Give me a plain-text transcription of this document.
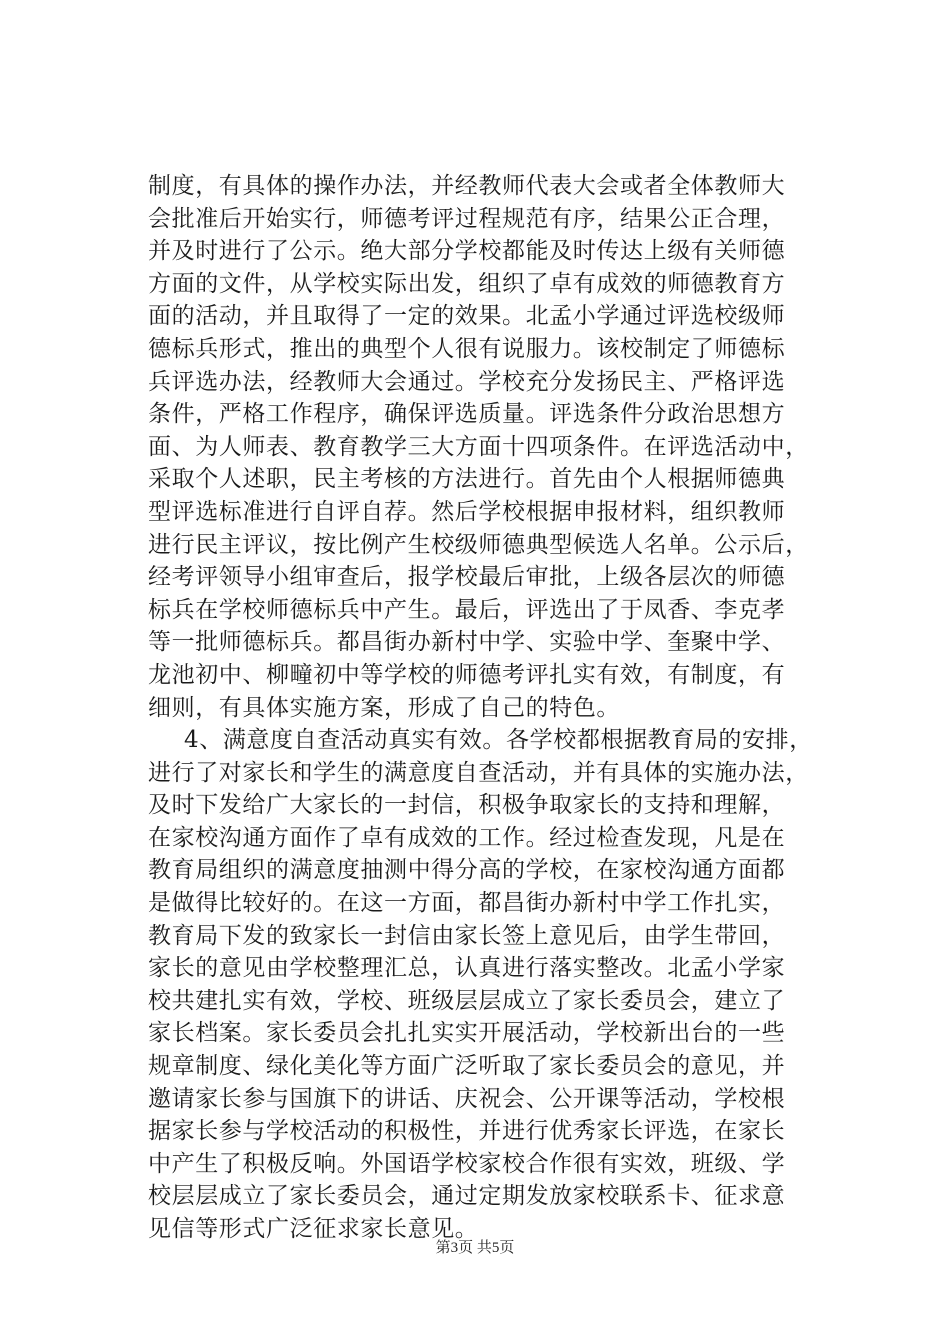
制度，有具体的操作办法，并经教师代表大会或者全体教师大
会批准后开始实行，师德考评过程规范有序，结果公正合理，
并及时进行了公示。绝大部分学校都能及时传达上级有关师德
方面的文件，从学校实际出发，组织了卓有成效的师德教育方
面的活动，并且取得了一定的效果。北孟小学通过评选校级师
德标兵形式，推出的典型个人很有说服力。该校制定了师德标
兵评选办法，经教师大会通过。学校充分发扬民主、严格评选
条件，严格工作程序，确保评选质量。评选条件分政治思想方
面、为人师表、教育教学三大方面十四项条件。在评选活动中，
采取个人述职，民主考核的方法进行。首先由个人根据师德典
型评选标准进行自评自荐。然后学校根据申报材料，组织教师
进行民主评议，按比例产生校级师德典型候选人名单。公示后，
经考评领导小组审查后，报学校最后审批，上级各层次的师德
标兵在学校师德标兵中产生。最后，评选出了于凤香、李克孝
等一批师德标兵。都昌街办新村中学、实验中学、奎聚中学、
龙池初中、柳疃初中等学校的师德考评扎实有效，有制度，有
细则，有具体实施方案，形成了自己的特色。
4、满意度自查活动真实有效。各学校都根据教育局的安排，
进行了对家长和学生的满意度自查活动，并有具体的实施办法，
及时下发给广大家长的一封信，积极争取家长的支持和理解，
在家校沟通方面作了卓有成效的工作。经过检查发现，凡是在
教育局组织的满意度抽测中得分高的学校，在家校沟通方面都
是做得比较好的。在这一方面，都昌街办新村中学工作扎实，
教育局下发的致家长一封信由家长签上意见后，由学生带回，
家长的意见由学校整理汇总，认真进行落实整改。北孟小学家
校共建扎实有效，学校、班级层层成立了家长委员会，建立了
家长档案。家长委员会扎扎实实开展活动，学校新出台的一些
规章制度、绿化美化等方面广泛听取了家长委员会的意见，并
邀请家长参与国旗下的讲话、庆祝会、公开课等活动，学校根
据家长参与学校活动的积极性，并进行优秀家长评选，在家长
中产生了积极反响。外国语学校家校合作很有实效，班级、学
校层层成立了家长委员会，通过定期发放家校联系卡、征求意
见信等形式广泛征求家长意见。
第3页 共5页
